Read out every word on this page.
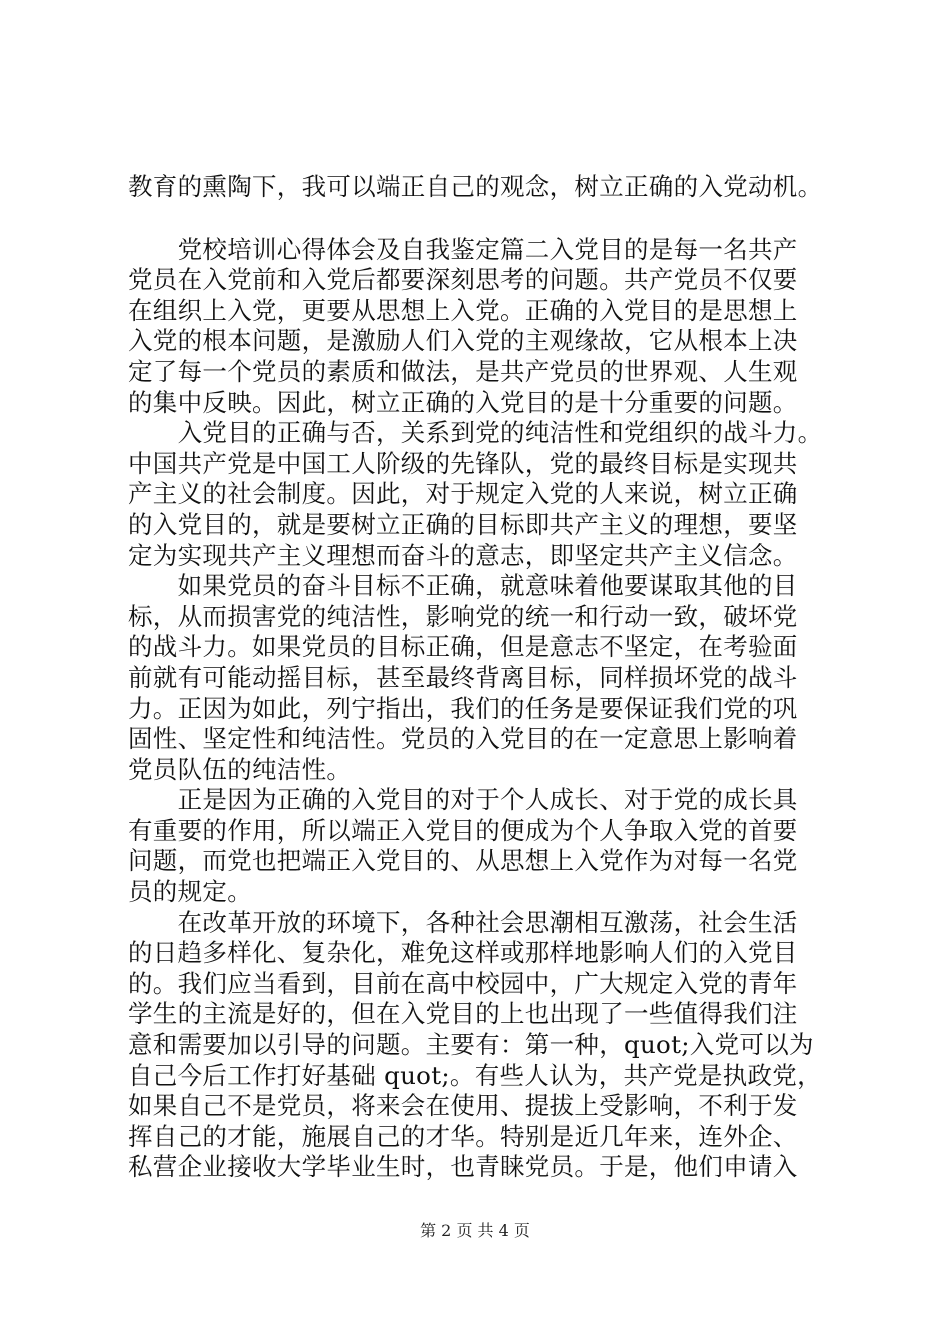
教育的熏陶下，我可以端正自己的观念，树立正确的入党动机。
　　党校培训心得体会及自我鉴定篇二入党目的是每一名共产
党员在入党前和入党后都要深刻思考的问题。共产党员不仅要
在组织上入党，更要从思想上入党。正确的入党目的是思想上
入党的根本问题，是激励人们入党的主观缘故，它从根本上决
定了每一个党员的素质和做法，是共产党员的世界观、人生观
的集中反映。因此，树立正确的入党目的是十分重要的问题。
　　入党目的正确与否，关系到党的纯洁性和党组织的战斗力。
中国共产党是中国工人阶级的先锋队，党的最终目标是实现共
产主义的社会制度。因此，对于规定入党的人来说，树立正确
的入党目的，就是要树立正确的目标即共产主义的理想，要坚
定为实现共产主义理想而奋斗的意志，即坚定共产主义信念。
　　如果党员的奋斗目标不正确，就意味着他要谋取其他的目
标，从而损害党的纯洁性，影响党的统一和行动一致，破坏党
的战斗力。如果党员的目标正确，但是意志不坚定，在考验面
前就有可能动摇目标，甚至最终背离目标，同样损坏党的战斗
力。正因为如此，列宁指出，我们的任务是要保证我们党的巩
固性、坚定性和纯洁性。党员的入党目的在一定意思上影响着
党员队伍的纯洁性。
　　正是因为正确的入党目的对于个人成长、对于党的成长具
有重要的作用，所以端正入党目的便成为个人争取入党的首要
问题，而党也把端正入党目的、从思想上入党作为对每一名党
员的规定。
　　在改革开放的环境下，各种社会思潮相互激荡，社会生活
的日趋多样化、复杂化，难免这样或那样地影响人们的入党目
的。我们应当看到，目前在高中校园中，广大规定入党的青年
学生的主流是好的，但在入党目的上也出现了一些值得我们注
意和需要加以引导的问题。主要有：第一种，quot;入党可以为
自己今后工作打好基础 quot;。有些人认为，共产党是执政党，
如果自己不是党员，将来会在使用、提拔上受影响，不利于发
挥自己的才能，施展自己的才华。特别是近几年来，连外企、
私营企业接收大学毕业生时，也青睐党员。于是，他们申请入
第 2 页 共 4 页
